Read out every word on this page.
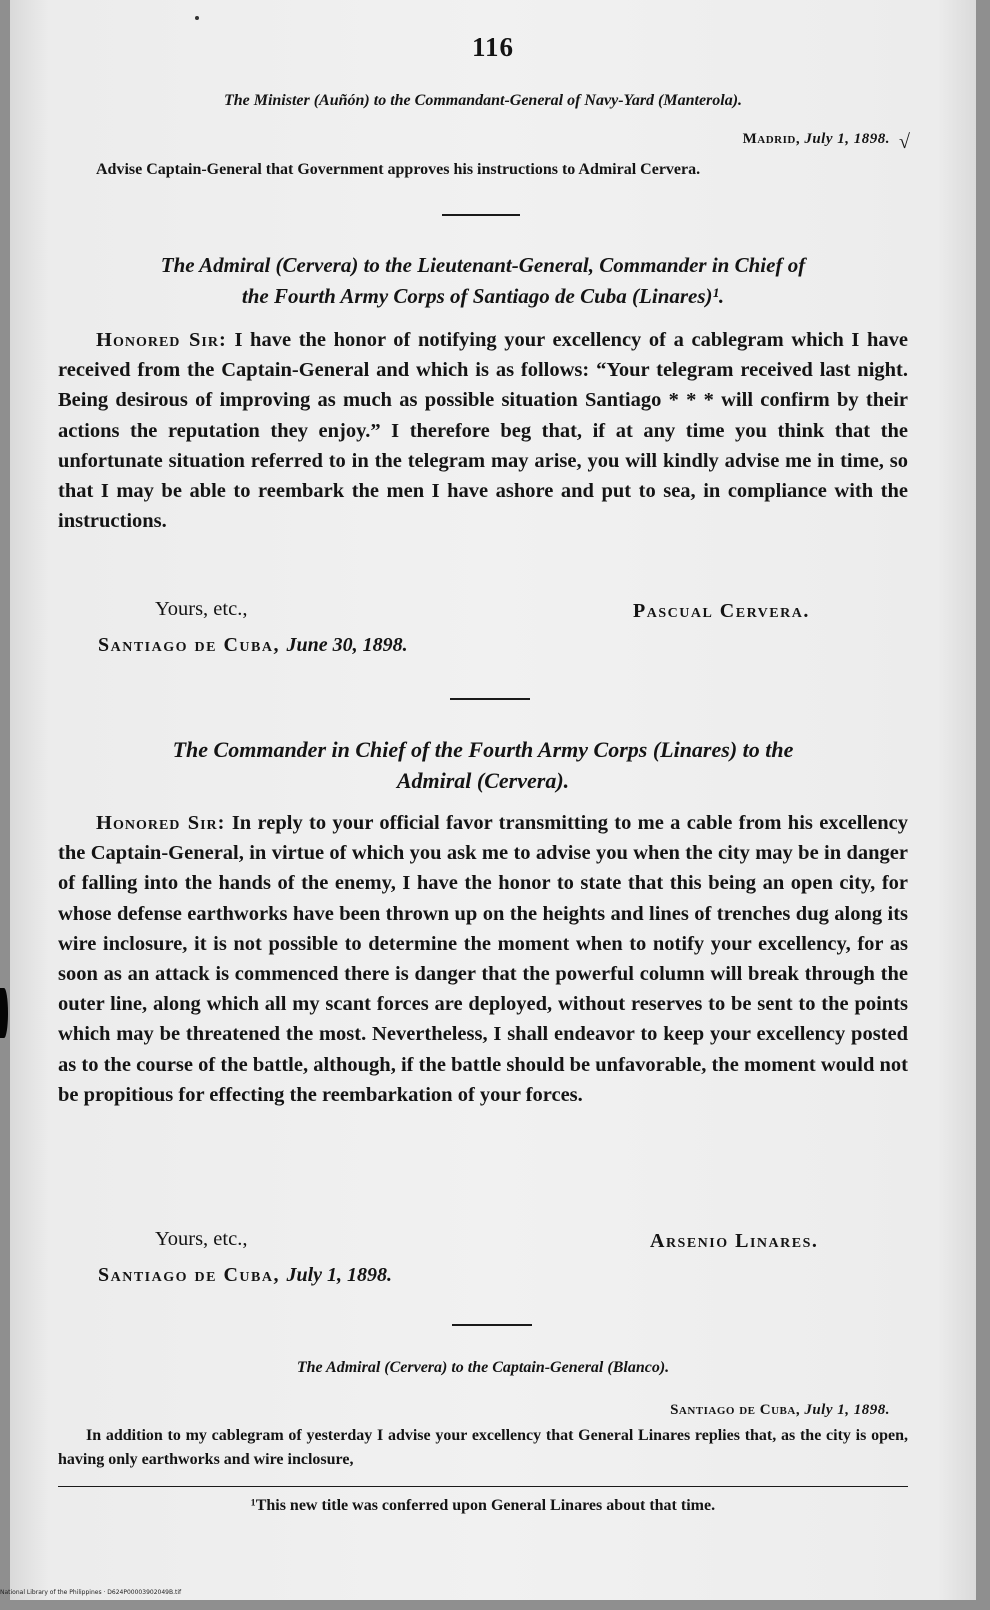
116
The Minister (Auñón) to the Commandant-General of Navy-Yard (Manterola).
Madrid, July 1, 1898. √
Advise Captain-General that Government approves his instructions to Admiral Cervera.
The Admiral (Cervera) to the Lieutenant-General, Commander in Chief of
the Fourth Army Corps of Santiago de Cuba (Linares)¹.
Honored Sir: I have the honor of notifying your excellency of a cablegram which I have received from the Captain-General and which is as follows: “Your telegram received last night. Being desirous of improving as much as possible situation Santiago * * * will confirm by their actions the reputation they enjoy.” I therefore beg that, if at any time you think that the unfortunate situation referred to in the telegram may arise, you will kindly advise me in time, so that I may be able to reembark the men I have ashore and put to sea, in compliance with the instructions.
Yours, etc.,	Pascual Cervera.
Santiago de Cuba, June 30, 1898.
The Commander in Chief of the Fourth Army Corps (Linares) to the
Admiral (Cervera).
Honored Sir: In reply to your official favor transmitting to me a cable from his excellency the Captain-General, in virtue of which you ask me to advise you when the city may be in danger of falling into the hands of the enemy, I have the honor to state that this being an open city, for whose defense earthworks have been thrown up on the heights and lines of trenches dug along its wire inclosure, it is not possible to determine the moment when to notify your excellency, for as soon as an attack is commenced there is danger that the powerful column will break through the outer line, along which all my scant forces are deployed, without reserves to be sent to the points which may be threatened the most. Nevertheless, I shall endeavor to keep your excellency posted as to the course of the battle, although, if the battle should be unfavorable, the moment would not be propitious for effecting the reembarkation of your forces.
Yours, etc.,	Arsenio Linares.
Santiago de Cuba, July 1, 1898.
The Admiral (Cervera) to the Captain-General (Blanco).
Santiago de Cuba, July 1, 1898.
In addition to my cablegram of yesterday I advise your excellency that General Linares replies that, as the city is open, having only earthworks and wire inclosure,
¹This new title was conferred upon General Linares about that time.
National Library of the Philippines · D624P00003902049B.tif
